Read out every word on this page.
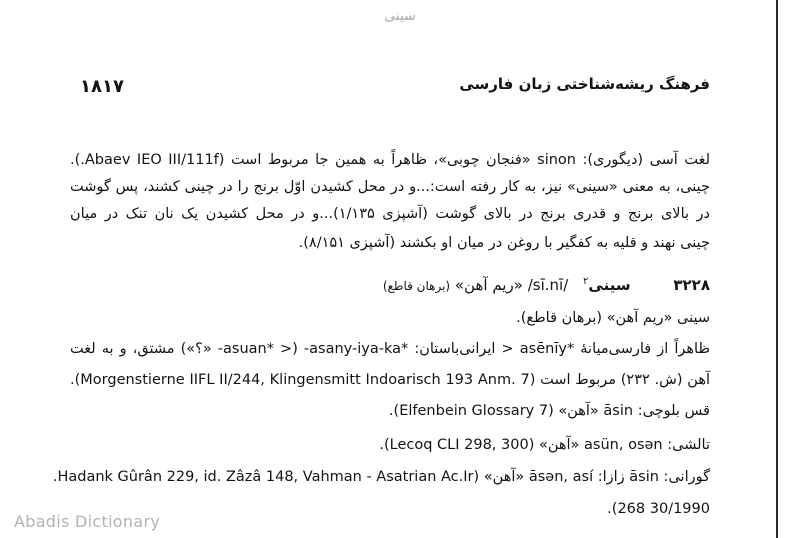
سینی
۱۸۱۷	فرهنگ ریشه‌شناختی زبان فارسی
لغت آسی (دیگوری): sinon «فنجان چوبی»، ظاهراً به همین جا مربوط است (Abaev IEO III/111f.).
چینی، به معنی «سینی» نیز، به کار رفته است:...و در محل کشیدن اوّل برنج را در چینی کشند، پس گوشت
در بالای برنج و قدری برنج در بالای گوشت (آشپزی ۱/۱۳۵)...و در محل کشیدن یک نان تنک در میان
چینی نهند و قلیه به کفگیر با روغن در میان او بکشند (آشپزی ۸/۱۵۱).
۳۲۲۸ سینی$^۲$ /sī.nī/ «ریم آهن» (برهان قاطع)
سینی «ریم آهن» (برهان قاطع).
ظاهراً از فارسی‌میانهٔ *asēnīy < ایرانی‌باستان: *asany-iya-ka- (< *asuan- «؟») مشتق، و به لغت
آهن (ش. ۲۳۲) مربوط است (Morgenstierne IIFL II/244, Klingensmitt Indoarisch 193 Anm. 7).
قس بلوچی: āsin «آهن» (Elfenbein Glossary 7).
تالشی: asün, osən «آهن» (Lecoq CLI 298, 300).
گورانی: āsin زازا: āsən, así «آهن» (Hadank Gûrân 229, id. Zâzâ 148, Vahman - Asatrian Ac.Ir.
30/1990 268).
Abadis Dictionary
